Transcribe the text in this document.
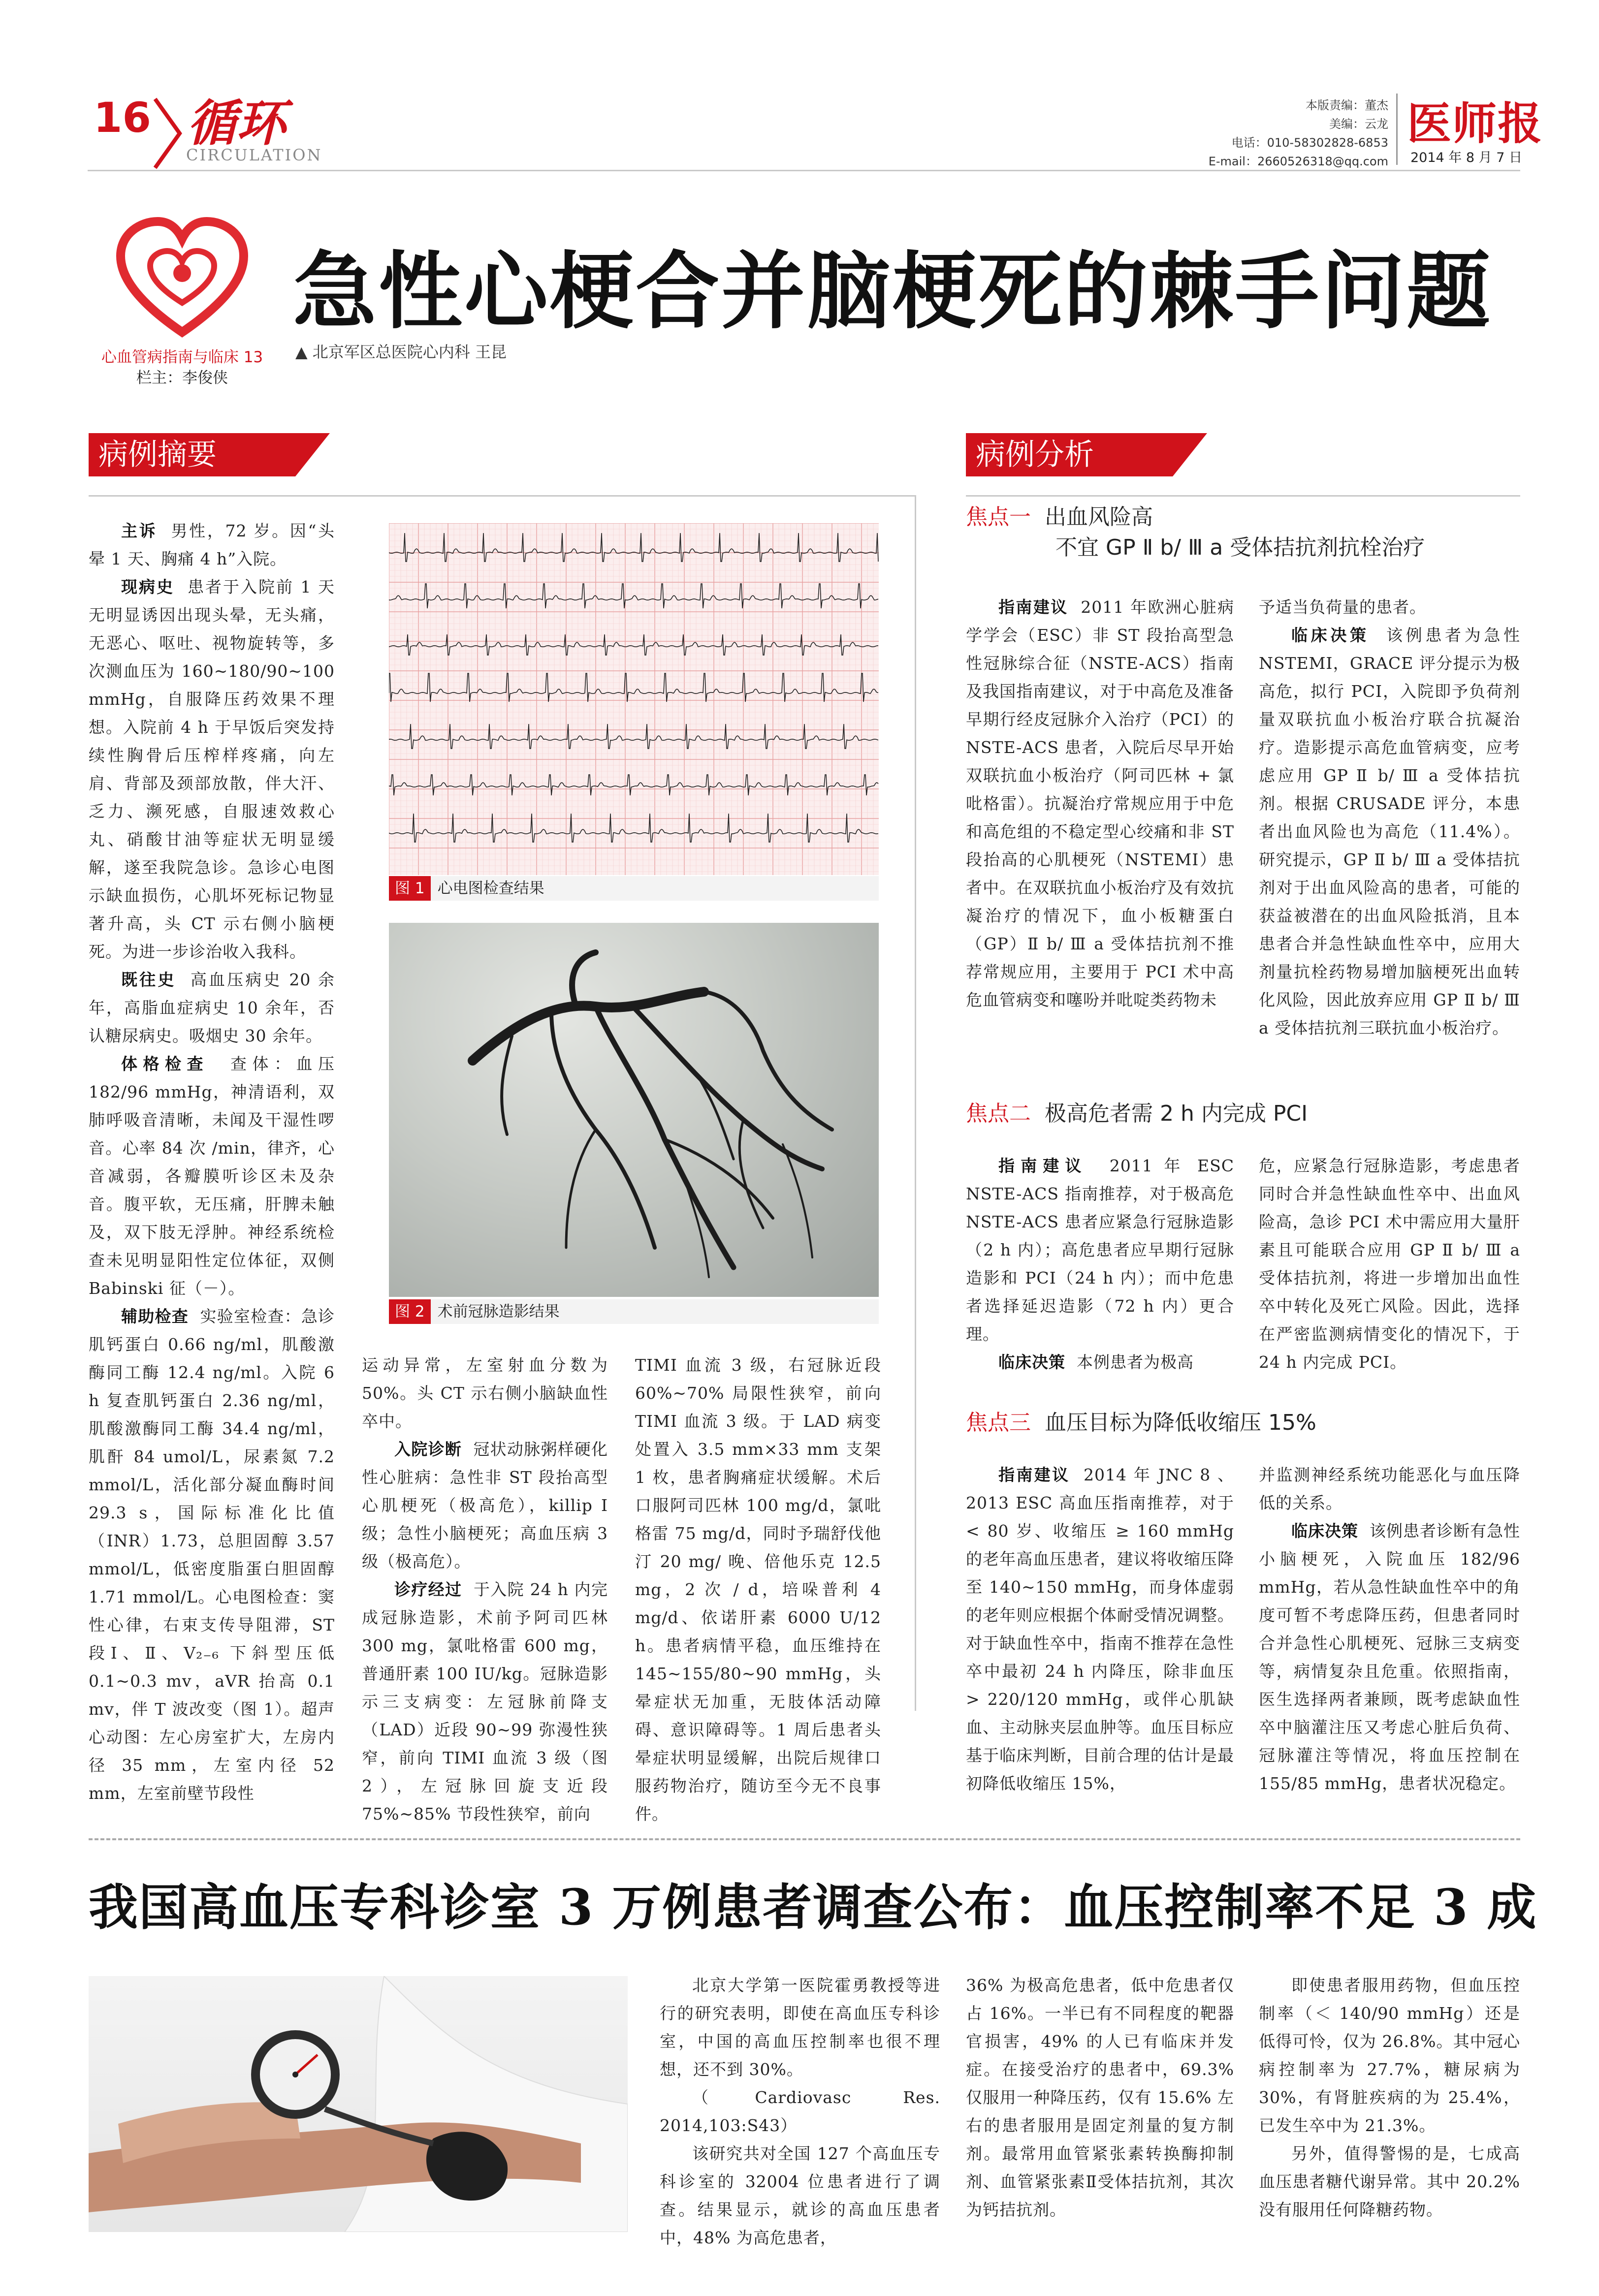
16 循环
CIRCULATION
本版责编：董杰
美编：云龙
电话：010-58302828-6853
E-mail：2660526318@qq.com
医师报
2014 年 8 月 7 日
心血管病指南与临床 13
栏主：李俊侠
急性心梗合并脑梗死的棘手问题
▲ 北京军区总医院心内科 王昆
病例摘要

主诉 男性，72 岁。因“头晕 1 天、胸痛 4 h”入院。

现病史 患者于入院前 1 天无明显诱因出现头晕，无头痛，无恶心、呕吐、视物旋转等，多次测血压为 160~180/90~100 mmHg，自服降压药效果不理想。入院前 4 h 于早饭后突发持续性胸骨后压榨样疼痛，向左肩、背部及颈部放散，伴大汗、乏力、濒死感，自服速效救心丸、硝酸甘油等症状无明显缓解，遂至我院急诊。急诊心电图示缺血损伤，心肌坏死标记物显著升高，头 CT 示右侧小脑梗死。为进一步诊治收入我科。

既往史 高血压病史 20 余年，高脂血症病史 10 余年，否认糖尿病史。吸烟史 30 余年。

体格检查 查体：血压 182/96 mmHg，神清语利，双肺呼吸音清晰，未闻及干湿性啰音。心率 84 次 /min，律齐，心音减弱，各瓣膜听诊区未及杂音。腹平软，无压痛，肝脾未触及，双下肢无浮肿。神经系统检查未见明显阳性定位体征，双侧 Babinski 征（－）。

辅助检查 实验室检查：急诊肌钙蛋白 0.66 ng/ml，肌酸激酶同工酶 12.4 ng/ml。入院 6 h 复查肌钙蛋白 2.36 ng/ml，肌酸激酶同工酶 34.4 ng/ml，肌酐 84 umol/L，尿素氮 7.2 mmol/L，活化部分凝血酶时间 29.3 s，国际标准化比值（INR）1.73，总胆固醇 3.57 mmol/L，低密度脂蛋白胆固醇 1.71 mmol/L。心电图检查：窦性心律，右束支传导阻滞，ST 段Ⅰ、Ⅱ、V₂₋₆ 下斜型压低 0.1~0.3 mv，aVR 抬高 0.1 mv，伴 T 波改变（图 1）。超声心动图：左心房室扩大，左房内径 35 mm，左室内径 52 mm，左室前壁节段性

图 1 心电图检查结果
图 2 术前冠脉造影结果

运动异常，左室射血分数为 50%。头 CT 示右侧小脑缺血性卒中。

入院诊断 冠状动脉粥样硬化性心脏病：急性非 ST 段抬高型心肌梗死（极高危），killip Ⅰ级；急性小脑梗死；高血压病 3 级（极高危）。

诊疗经过 于入院 24 h 内完成冠脉造影，术前予阿司匹林 300 mg，氯吡格雷 600 mg，普通肝素 100 IU/kg。冠脉造影示三支病变：左冠脉前降支（LAD）近段 90~99 弥漫性狭窄，前向 TIMI 血流 3 级（图 2），左冠脉回旋支近段 75%~85% 节段性狭窄，前向

TIMI 血流 3 级，右冠脉近段 60%~70% 局限性狭窄，前向 TIMI 血流 3 级。于 LAD 病变处置入 3.5 mm×33 mm 支架 1 枚，患者胸痛症状缓解。术后口服阿司匹林 100 mg/d，氯吡格雷 75 mg/d，同时予瑞舒伐他汀 20 mg/ 晚、倍他乐克 12.5 mg，2 次 / d，培哚普利 4 mg/d、依诺肝素 6000 U/12 h。患者病情平稳，血压维持在 145~155/80~90 mmHg，头晕症状无加重，无肢体活动障碍、意识障碍等。1 周后患者头晕症状明显缓解，出院后规律口服药物治疗，随访至今无不良事件。

病例分析
焦点一 出血风险高
不宜 GP Ⅱ b/ Ⅲ a 受体拮抗剂抗栓治疗

指南建议 2011 年欧洲心脏病学学会（ESC）非 ST 段抬高型急性冠脉综合征（NSTE-ACS）指南及我国指南建议，对于中高危及准备早期行经皮冠脉介入治疗（PCI）的 NSTE-ACS 患者，入院后尽早开始双联抗血小板治疗（阿司匹林 + 氯吡格雷）。抗凝治疗常规应用于中危和高危组的不稳定型心绞痛和非 ST 段抬高的心肌梗死（NSTEMI）患者中。在双联抗血小板治疗及有效抗凝治疗的情况下，血小板糖蛋白（GP）Ⅱ b/ Ⅲ a 受体拮抗剂不推荐常规应用，主要用于 PCI 术中高危血管病变和噻吩并吡啶类药物未

予适当负荷量的患者。

临床决策 该例患者为急性 NSTEMI，GRACE 评分提示为极高危，拟行 PCI，入院即予负荷剂量双联抗血小板治疗联合抗凝治疗。造影提示高危血管病变，应考虑应用 GP Ⅱ b/ Ⅲ a 受体拮抗剂。根据 CRUSADE 评分，本患者出血风险也为高危（11.4%）。研究提示，GP Ⅱ b/ Ⅲ a 受体拮抗剂对于出血风险高的患者，可能的获益被潜在的出血风险抵消，且本患者合并急性缺血性卒中，应用大剂量抗栓药物易增加脑梗死出血转化风险，因此放弃应用 GP Ⅱ b/ Ⅲ a 受体拮抗剂三联抗血小板治疗。

焦点二 极高危者需 2 h 内完成 PCI

指南建议 2011 年 ESC NSTE-ACS 指南推荐，对于极高危 NSTE-ACS 患者应紧急行冠脉造影（2 h 内）；高危患者应早期行冠脉造影和 PCI（24 h 内）；而中危患者选择延迟造影（72 h 内）更合理。

临床决策 本例患者为极高

危，应紧急行冠脉造影，考虑患者同时合并急性缺血性卒中、出血风险高，急诊 PCI 术中需应用大量肝素且可能联合应用 GP Ⅱ b/ Ⅲ a 受体拮抗剂，将进一步增加出血性卒中转化及死亡风险。因此，选择在严密监测病情变化的情况下，于 24 h 内完成 PCI。

焦点三 血压目标为降低收缩压 15%

指南建议 2014 年 JNC 8 、2013 ESC 高血压指南推荐，对于 < 80 岁、收缩压 ≥ 160 mmHg 的老年高血压患者，建议将收缩压降至 140~150 mmHg，而身体虚弱的老年则应根据个体耐受情况调整。对于缺血性卒中，指南不推荐在急性卒中最初 24 h 内降压，除非血压 > 220/120 mmHg，或伴心肌缺血、主动脉夹层血肿等。血压目标应基于临床判断，目前合理的估计是最初降低收缩压 15%，

并监测神经系统功能恶化与血压降低的关系。

临床决策 该例患者诊断有急性小脑梗死，入院血压 182/96 mmHg，若从急性缺血性卒中的角度可暂不考虑降压药，但患者同时合并急性心肌梗死、冠脉三支病变等，病情复杂且危重。依照指南，医生选择两者兼顾，既考虑缺血性卒中脑灌注压又考虑心脏后负荷、冠脉灌注等情况，将血压控制在 155/85 mmHg，患者状况稳定。

我国高血压专科诊室 3 万例患者调查公布：血压控制率不足 3 成

北京大学第一医院霍勇教授等进行的研究表明，即使在高血压专科诊室，中国的高血压控制率也很不理想，还不到 30%。

（Cardiovasc Res. 2014,103:S43）

该研究共对全国 127 个高血压专科诊室的 32004 位患者进行了调查。结果显示，就诊的高血压患者中，48% 为高危患者，

36% 为极高危患者，低中危患者仅占 16%。一半已有不同程度的靶器官损害，49% 的人已有临床并发症。在接受治疗的患者中，69.3% 仅服用一种降压药，仅有 15.6% 左右的患者服用是固定剂量的复方制剂。最常用血管紧张素转换酶抑制剂、血管紧张素Ⅱ受体拮抗剂，其次为钙拮抗剂。

即使患者服用药物，但血压控制率（＜ 140/90 mmHg）还是低得可怜，仅为 26.8%。其中冠心病控制率为 27.7%，糖尿病为 30%，有肾脏疾病的为 25.4%，已发生卒中为 21.3%。

另外，值得警惕的是，七成高血压患者糖代谢异常。其中 20.2% 没有服用任何降糖药物。
